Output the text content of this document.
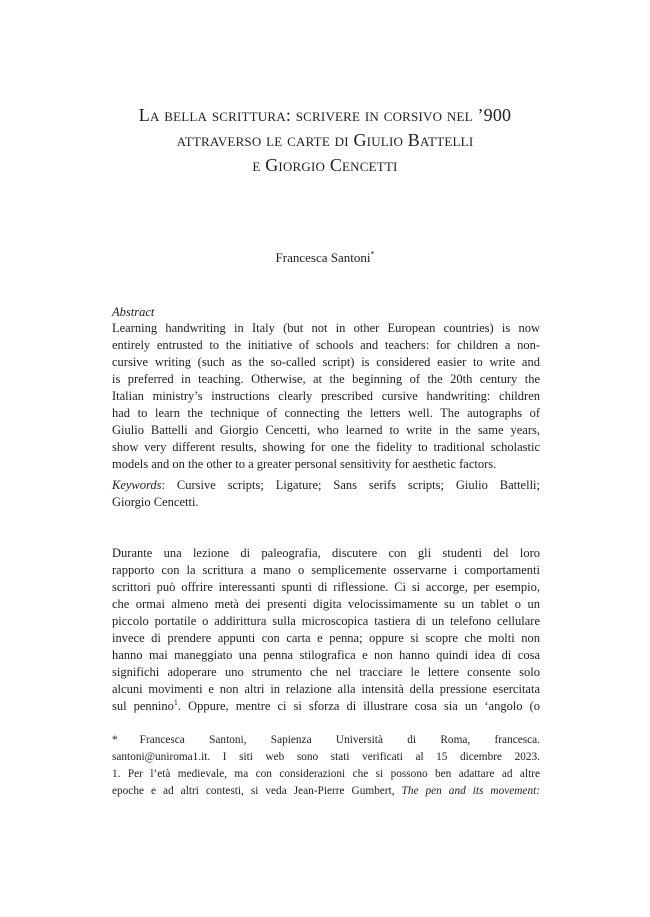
La bella scrittura: scrivere in corsivo nel ’900
attraverso le carte di Giulio Battelli
e Giorgio Cencetti
Francesca Santoni*
Abstract
Learning handwriting in Italy (but not in other European countries) is now
entirely entrusted to the initiative of schools and teachers: for children a non-
cursive writing (such as the so-called script) is considered easier to write and
is preferred in teaching. Otherwise, at the beginning of the 20th century the
Italian ministry’s instructions clearly prescribed cursive handwriting: children
had to learn the technique of connecting the letters well. The autographs of
Giulio Battelli and Giorgio Cencetti, who learned to write in the same years,
show very different results, showing for one the fidelity to traditional scholastic
models and on the other to a greater personal sensitivity for aesthetic factors.
Keywords: Cursive scripts; Ligature; Sans serifs scripts; Giulio Battelli;
Giorgio Cencetti.
Durante una lezione di paleografia, discutere con gli studenti del loro
rapporto con la scrittura a mano o semplicemente osservarne i comportamenti
scrittori può offrire interessanti spunti di riflessione. Ci si accorge, per esempio,
che ormai almeno metà dei presenti digita velocissimamente su un tablet o un
piccolo portatile o addirittura sulla microscopica tastiera di un telefono cellulare
invece di prendere appunti con carta e penna; oppure si scopre che molti non
hanno mai maneggiato una penna stilografica e non hanno quindi idea di cosa
significhi adoperare uno strumento che nel tracciare le lettere consente solo
alcuni movimenti e non altri in relazione alla intensità della pressione esercitata
sul pennino$^1$. Oppure, mentre ci si sforza di illustrare cosa sia un ‘angolo (o
* Francesca Santoni, Sapienza Università di Roma, francesca.
santoni@uniroma1.it. I siti web sono stati verificati al 15 dicembre 2023.
1. Per l’età medievale, ma con considerazioni che si possono ben adattare ad altre
epoche e ad altri contesti, si veda Jean-Pierre Gumbert, The pen and its movement:
